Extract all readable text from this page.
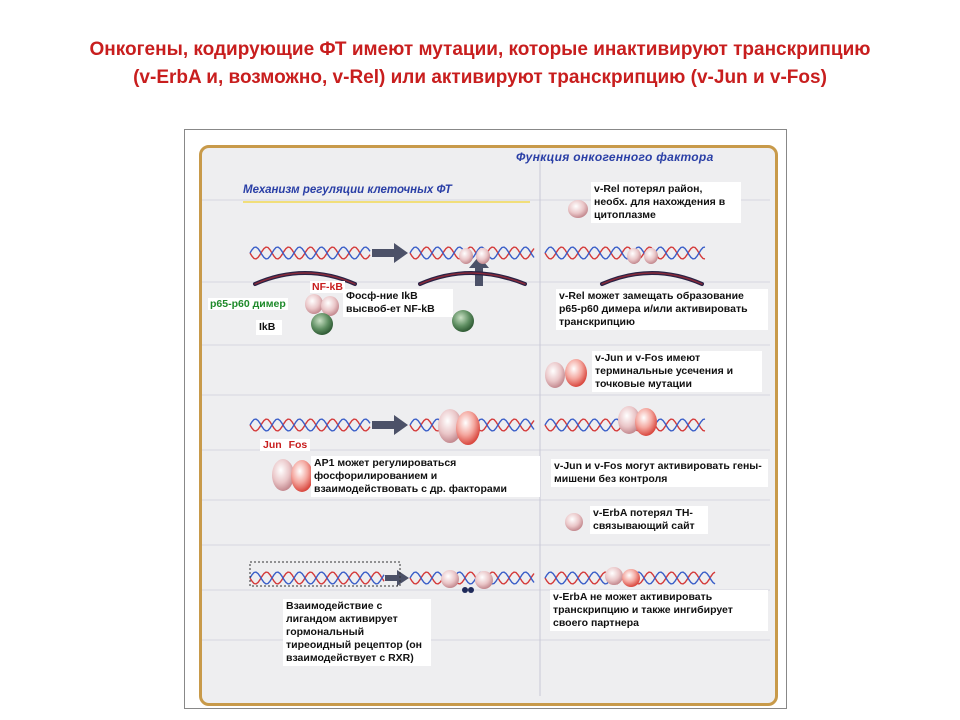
Онкогены, кодирующие ФТ имеют мутации, которые инактивируют транскрипцию
(v-ErbA и, возможно, v-Rel) или активируют транскрипцию (v-Jun и v-Fos)
Функция онкогенного фактора
Механизм регуляции клеточных ФТ
NF-kB
p65-p60 димер
IkB
Jun Fos
Фосф-ние IkB высвоб-ет NF-kB
v-Rel потерял район, необх. для нахождения в цитоплазме
v-Rel может замещать образование p65-p60 димера и/или активировать транскрипцию
v-Jun и v-Fos имеют терминальные усечения и точковые мутации
AP1 может регулироваться фосфорилированием и взаимодействовать с др. факторами
v-Jun и v-Fos могут активировать гены-мишени без контроля
v-ErbA потерял TH-связывающий сайт
v-ErbA не может активировать транскрипцию и также ингибирует своего партнера
Взаимодействие с лигандом активирует гормональный тиреоидный рецептор (он взаимодействует с RXR)
